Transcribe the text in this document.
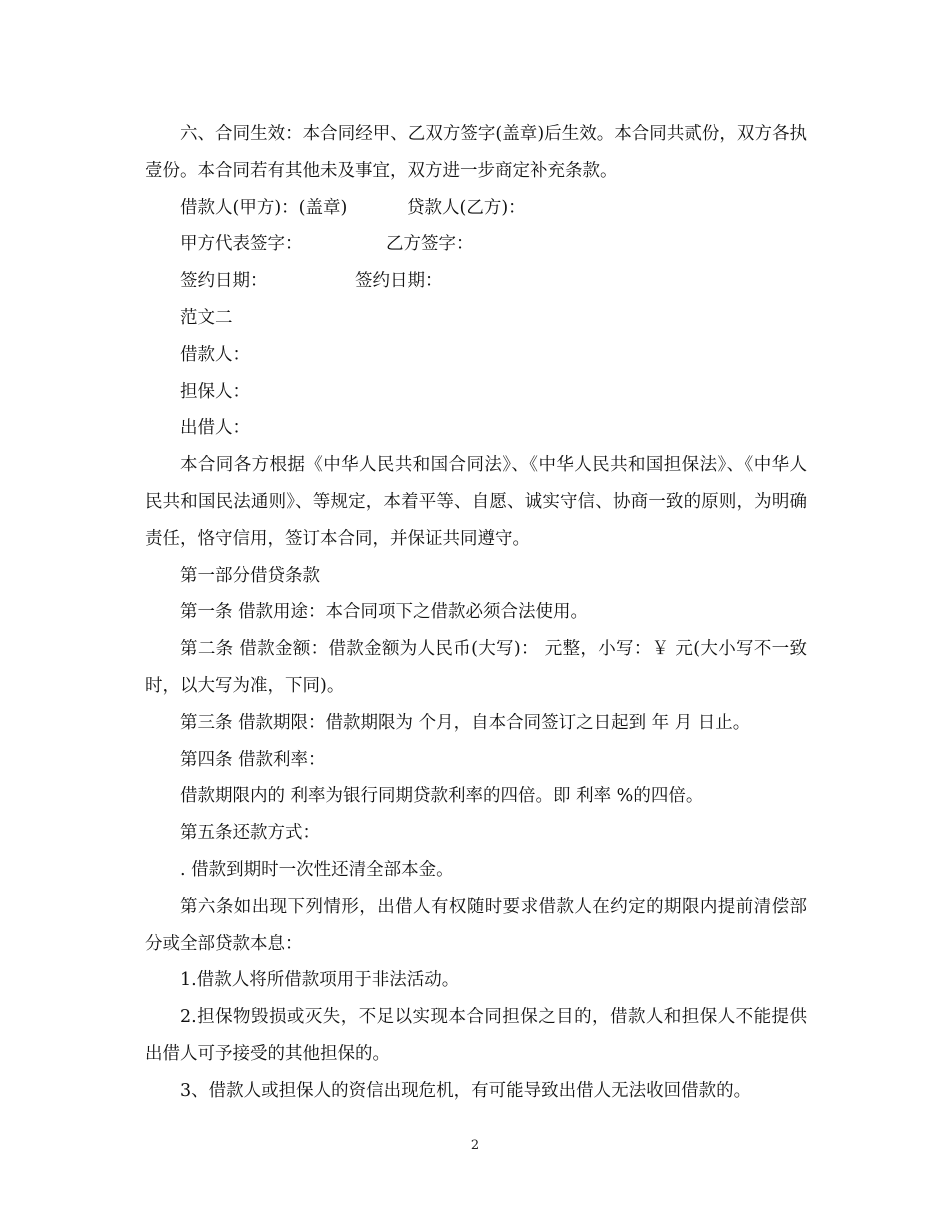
六、合同生效：本合同经甲、乙双方签字(盖章)后生效。本合同共贰份，双方各执壹份。本合同若有其他未及事宜，双方进一步商定补充条款。

借款人(甲方)：(盖章)	贷款人(乙方)：
甲方代表签字：	乙方签字：
签约日期：	签约日期：

范文二

借款人：

担保人：

出借人：

本合同各方根据《中华人民共和国合同法》、《中华人民共和国担保法》、《中华人民共和国民法通则》、等规定，本着平等、自愿、诚实守信、协商一致的原则，为明确责任，恪守信用，签订本合同，并保证共同遵守。

第一部分借贷条款

第一条 借款用途：本合同项下之借款必须合法使用。

第二条 借款金额：借款金额为人民币(大写)： 元整，小写：￥ 元(大小写不一致时，以大写为准，下同)。

第三条 借款期限：借款期限为 个月，自本合同签订之日起到 年 月 日止。

第四条 借款利率：

借款期限内的 利率为银行同期贷款利率的四倍。即 利率 %的四倍。

第五条还款方式：

. 借款到期时一次性还清全部本金。

第六条如出现下列情形，出借人有权随时要求借款人在约定的期限内提前清偿部分或全部贷款本息：

1.借款人将所借款项用于非法活动。

2.担保物毁损或灭失，不足以实现本合同担保之目的，借款人和担保人不能提供出借人可予接受的其他担保的。

3、借款人或担保人的资信出现危机，有可能导致出借人无法收回借款的。

2
